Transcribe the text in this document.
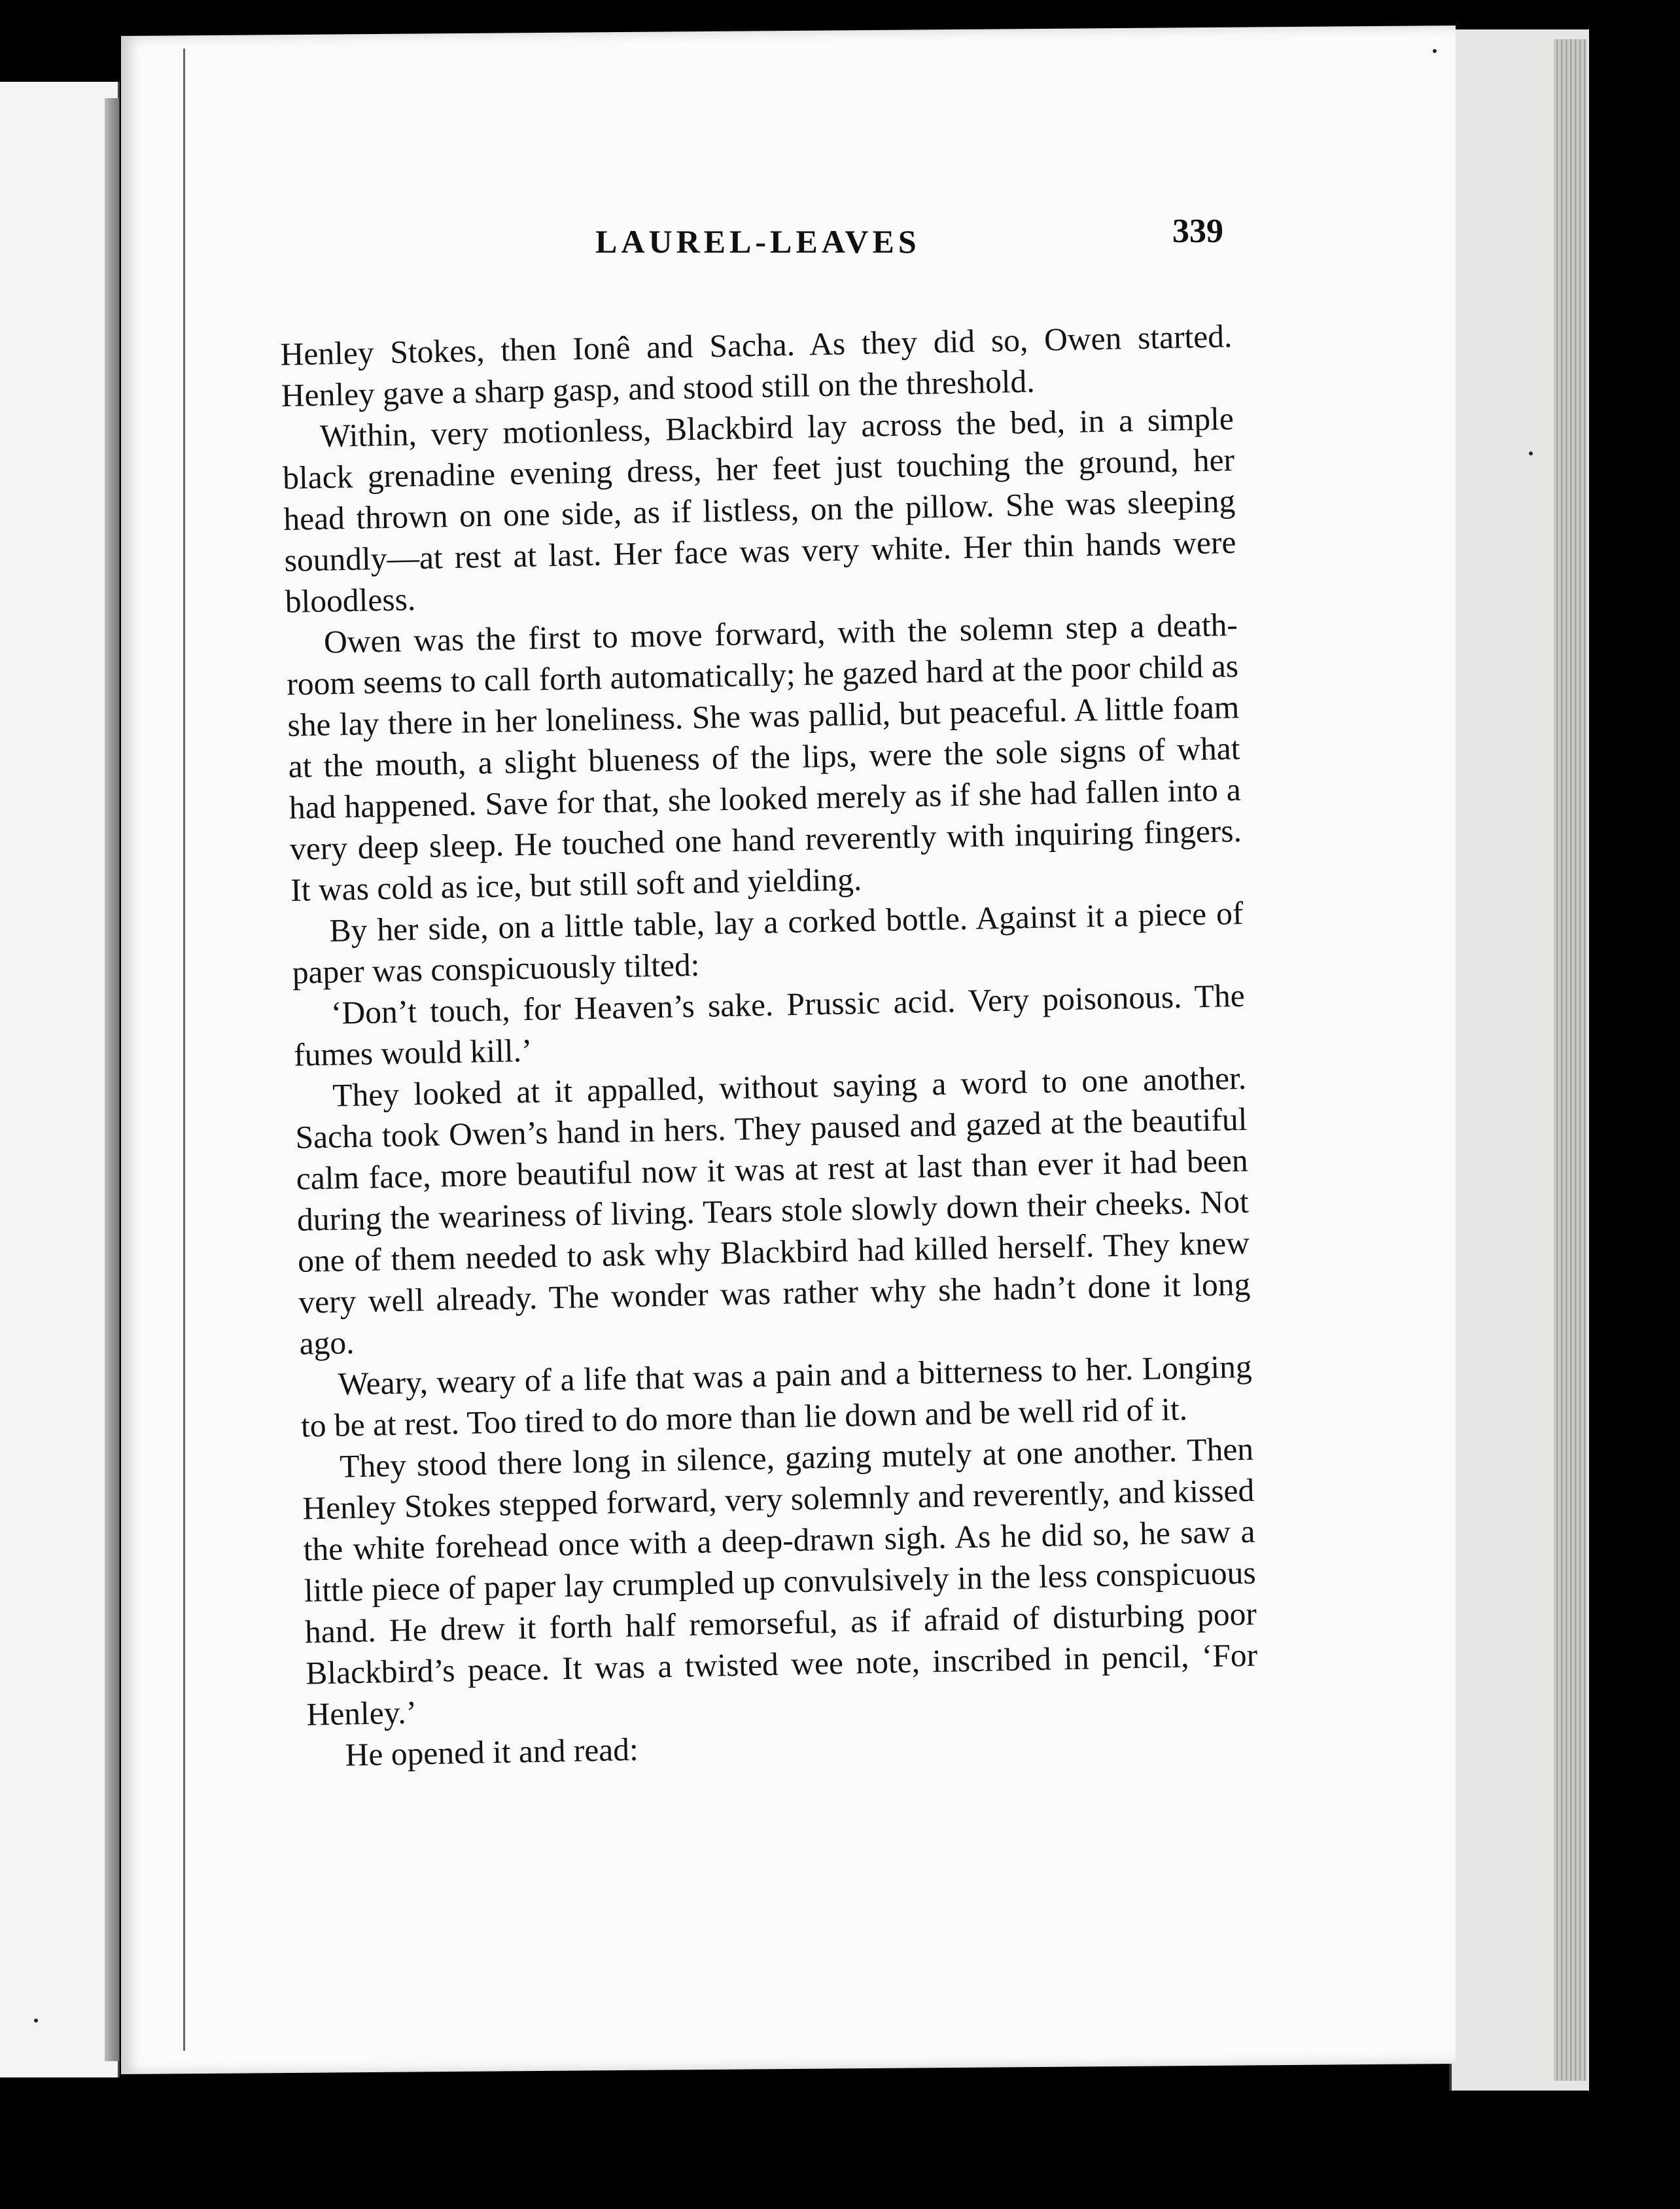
LAUREL-LEAVES	339

Henley Stokes, then Ionê and Sacha. As they did so, Owen started. Henley gave a sharp gasp, and stood still on the threshold.

Within, very motionless, Blackbird lay across the bed, in a simple black grenadine evening dress, her feet just touching the ground, her head thrown on one side, as if listless, on the pillow. She was sleeping soundly—at rest at last. Her face was very white. Her thin hands were bloodless.

Owen was the first to move forward, with the solemn step a death-room seems to call forth automatically; he gazed hard at the poor child as she lay there in her loneliness. She was pallid, but peaceful. A little foam at the mouth, a slight blueness of the lips, were the sole signs of what had happened. Save for that, she looked merely as if she had fallen into a very deep sleep. He touched one hand reverently with inquiring fingers. It was cold as ice, but still soft and yielding.

By her side, on a little table, lay a corked bottle. Against it a piece of paper was conspicuously tilted:

‘Don’t touch, for Heaven’s sake. Prussic acid. Very poisonous. The fumes would kill.’

They looked at it appalled, without saying a word to one another. Sacha took Owen’s hand in hers. They paused and gazed at the beautiful calm face, more beautiful now it was at rest at last than ever it had been during the weariness of living. Tears stole slowly down their cheeks. Not one of them needed to ask why Blackbird had killed herself. They knew very well already. The wonder was rather why she hadn’t done it long ago.

Weary, weary of a life that was a pain and a bitterness to her. Longing to be at rest. Too tired to do more than lie down and be well rid of it.

They stood there long in silence, gazing mutely at one another. Then Henley Stokes stepped forward, very solemnly and reverently, and kissed the white forehead once with a deep-drawn sigh. As he did so, he saw a little piece of paper lay crumpled up convulsively in the less conspicuous hand. He drew it forth half remorseful, as if afraid of disturbing poor Blackbird’s peace. It was a twisted wee note, inscribed in pencil, ‘For Henley.’

He opened it and read:
